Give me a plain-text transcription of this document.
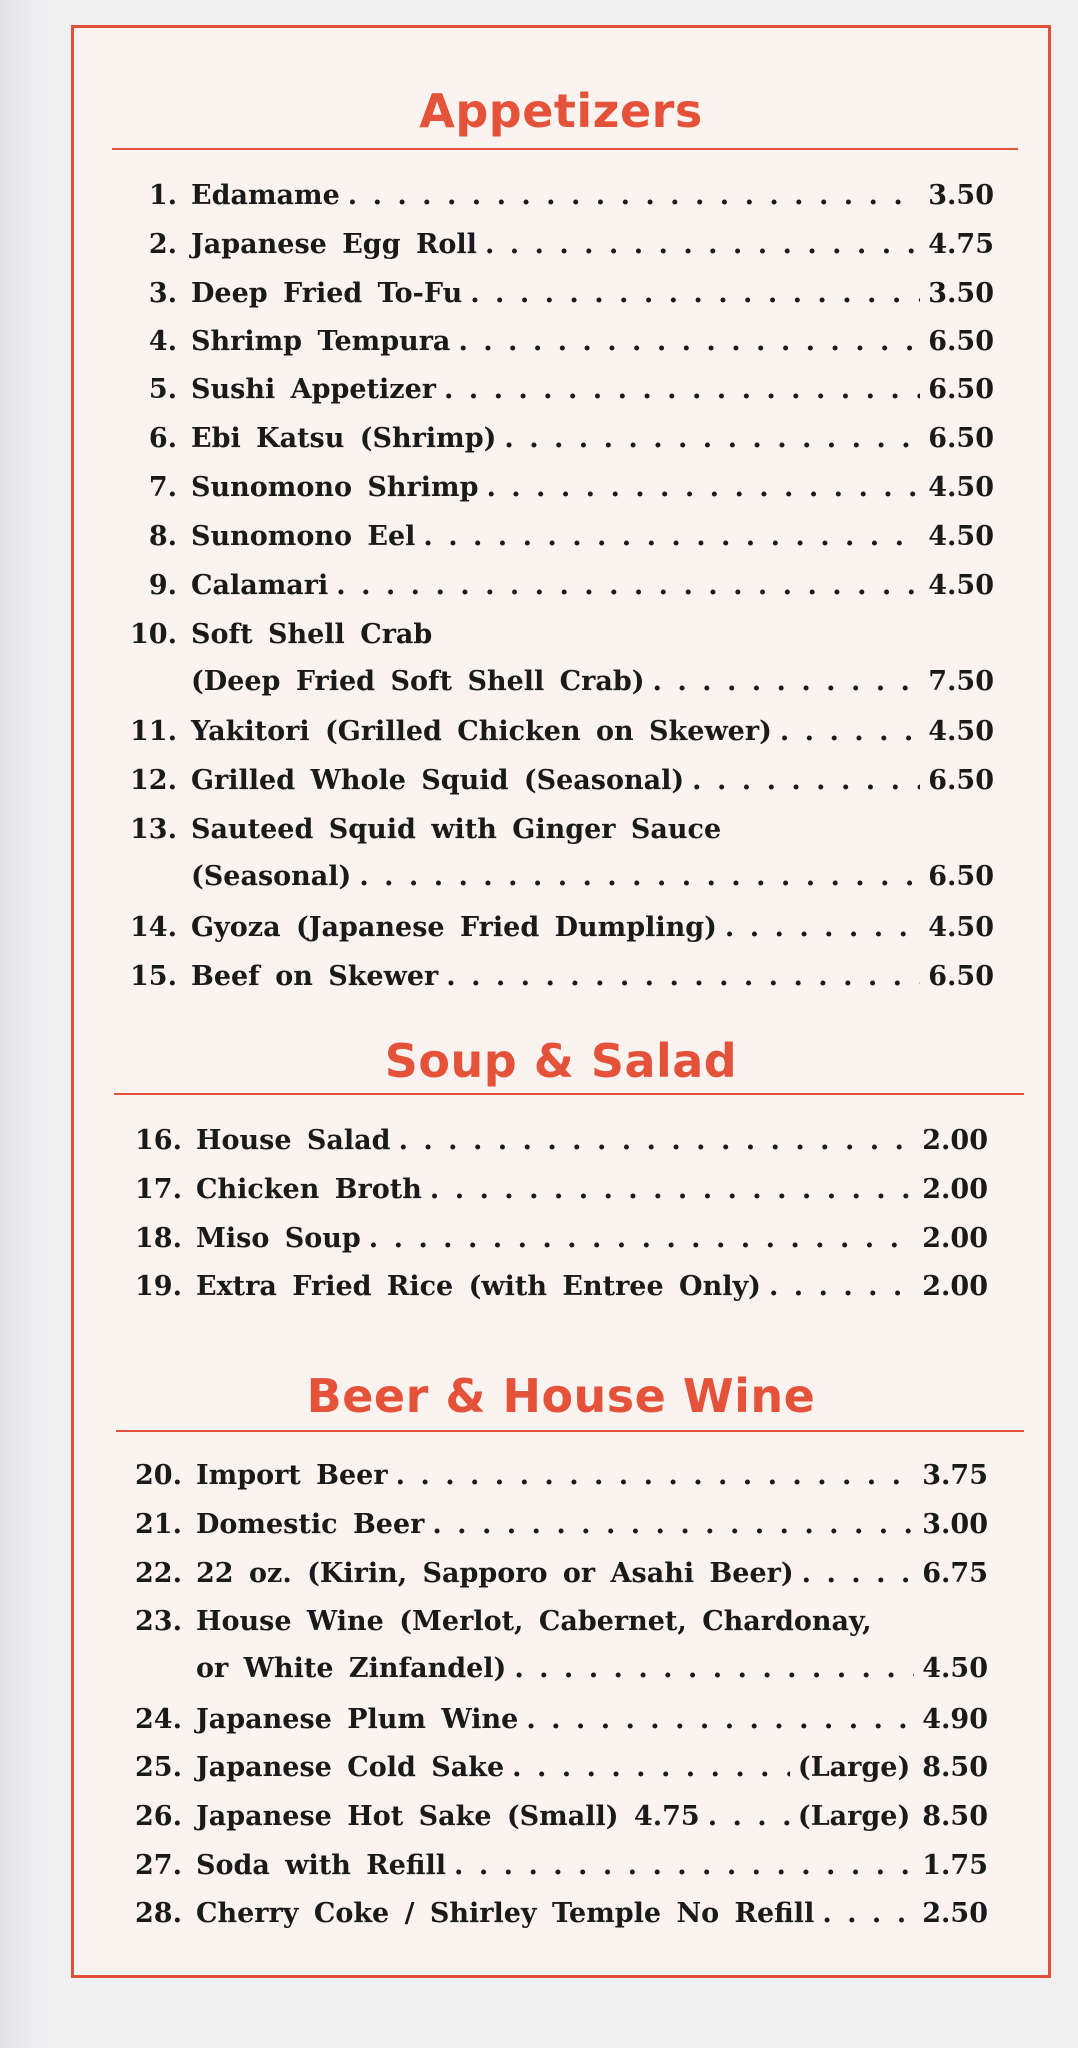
Appetizers
1. Edamame . . .	3.50
2. Japanese Egg Roll . . .	4.75
3. Deep Fried To-Fu . . .	3.50
4. Shrimp Tempura . . .	6.50
5. Sushi Appetizer . . .	6.50
6. Ebi Katsu (Shrimp) . . .	6.50
7. Sunomono Shrimp . . .	4.50
8. Sunomono Eel . . .	4.50
9. Calamari . . .	4.50
10. Soft Shell Crab
(Deep Fried Soft Shell Crab) . . .	7.50
11. Yakitori (Grilled Chicken on Skewer) . . .	4.50
12. Grilled Whole Squid (Seasonal) . . .	6.50
13. Sauteed Squid with Ginger Sauce
(Seasonal) . . .	6.50
14. Gyoza (Japanese Fried Dumpling) . . .	4.50
15. Beef on Skewer . . .	6.50
Soup & Salad
16. House Salad . . .	2.00
17. Chicken Broth . . .	2.00
18. Miso Soup . . .	2.00
19. Extra Fried Rice (with Entree Only) . . .	2.00
Beer & House Wine
20. Import Beer . . .	3.75
21. Domestic Beer . . .	3.00
22. 22 oz. (Kirin, Sapporo or Asahi Beer) . . .	6.75
23. House Wine (Merlot, Cabernet, Chardonay,
or White Zinfandel) . . .	4.50
24. Japanese Plum Wine . . .	4.90
25. Japanese Cold Sake . . .	(Large) 8.50
26. Japanese Hot Sake (Small) 4.75 . . .	(Large) 8.50
27. Soda with Refill . . .	1.75
28. Cherry Coke / Shirley Temple No Refill . . .	2.50
